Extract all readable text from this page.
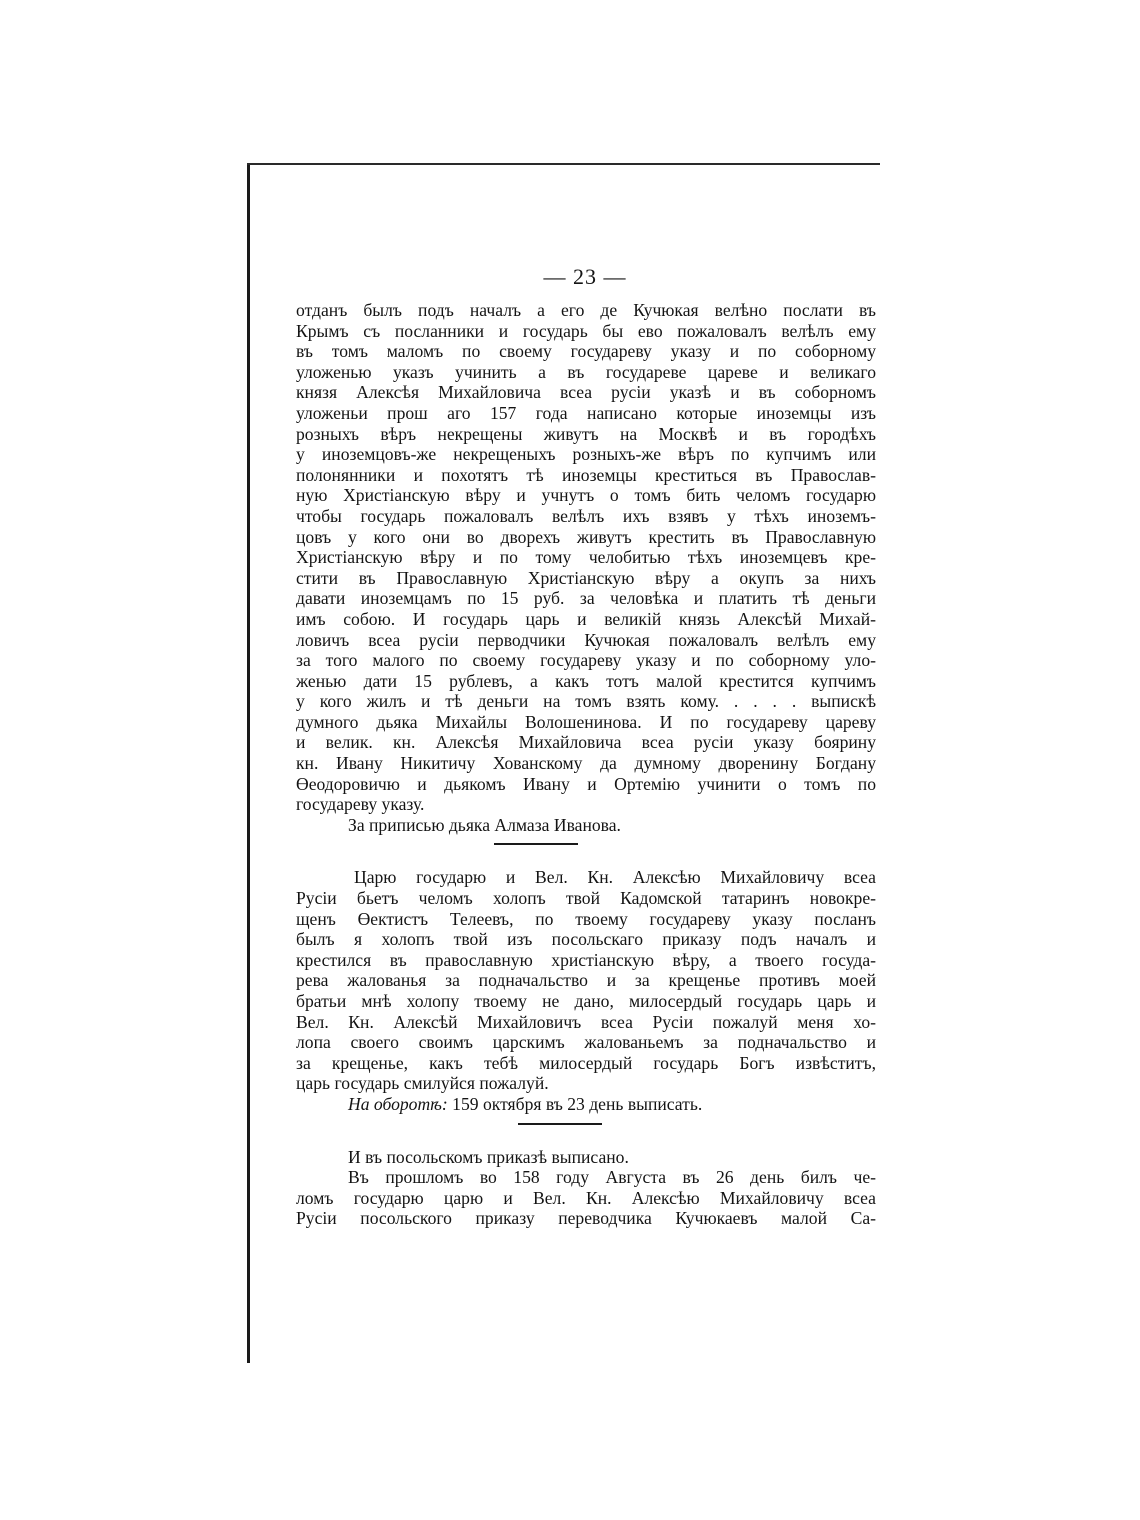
— 23 —
отданъ былъ подъ началъ а его де Кучюкая велѣно послати въ
Крымъ съ посланники и государь бы ево пожаловалъ велѣлъ ему
въ томъ маломъ по своему государеву указу и по соборному
уложенью указъ учинить а въ государеве цареве и великаго
князя Алексѣя Михайловича всеа русiи указѣ и въ соборномъ
уложеньи прош аго 157 года написано которые иноземцы изъ
розныхъ вѣръ некрещены живутъ на Москвѣ и въ городѣхъ
у иноземцовъ-же некрещеныхъ розныхъ-же вѣръ по купчимъ или
полонянники и похотятъ тѣ иноземцы креститься въ Православ-
ную Христiанскую вѣру и учнутъ о томъ бить челомъ государю
чтобы государь пожаловалъ велѣлъ ихъ взявъ у тѣхъ иноземъ-
цовъ у кого они во дворехъ живутъ крестить въ Православную
Христiанскую вѣру и по тому челобитью тѣхъ иноземцевъ кре-
стити въ Православную Христiанскую вѣру а окупъ за нихъ
давати иноземцамъ по 15 руб. за человѣка и платить тѣ деньги
имъ собою. И государь царь и великiй князь Алексѣй Михай-
ловичъ всеа русiи перводчики Кучюкая пожаловалъ велѣлъ ему
за того малого по своему государеву указу и по соборному уло-
женью дати 15 рублевъ, а какъ тотъ малой крестится купчимъ
у кого жилъ и тѣ деньги на томъ взять кому. . . . . выпискѣ
думного дьяка Михайлы Волошенинова. И по государеву цареву
и велик. кн. Алексѣя Михайловича всеа русiи указу боярину
кн. Ивану Никитичу Хованскому да думному дворенину Богдану
Өеодоровичю и дьякомъ Ивану и Ортемiю учинити о томъ по
государеву указу.
За приписью дьяка Алмаза Иванова.
Царю государю и Вел. Кн. Алексѣю Михайловичу всеа
Русiи бьетъ челомъ холопъ твой Кадомской татаринъ новокре-
щенъ Өектистъ Телеевъ, по твоему государеву указу посланъ
былъ я холопъ твой изъ посольскаго приказу подъ началъ и
крестился въ православную христiанскую вѣру, а твоего госуда-
рева жалованья за подначальство и за крещенье противъ моей
братьи мнѣ холопу твоему не дано, милосердый государь царь и
Вел. Кн. Алексѣй Михайловичъ всеа Русiи пожалуй меня хо-
лопа своего своимъ царскимъ жалованьемъ за подначальство и
за крещенье, какъ тебѣ милосердый государь Богъ извѣститъ,
царь государь смилуйся пожалуй.
На оборотѣ: 159 октября въ 23 день выписать.
И въ посольскомъ приказѣ выписано.
Въ прошломъ во 158 году Августа въ 26 день билъ че-
ломъ государю царю и Вел. Кн. Алексѣю Михайловичу всеа
Русiи посольского приказу переводчика Кучюкаевъ малой Са-
